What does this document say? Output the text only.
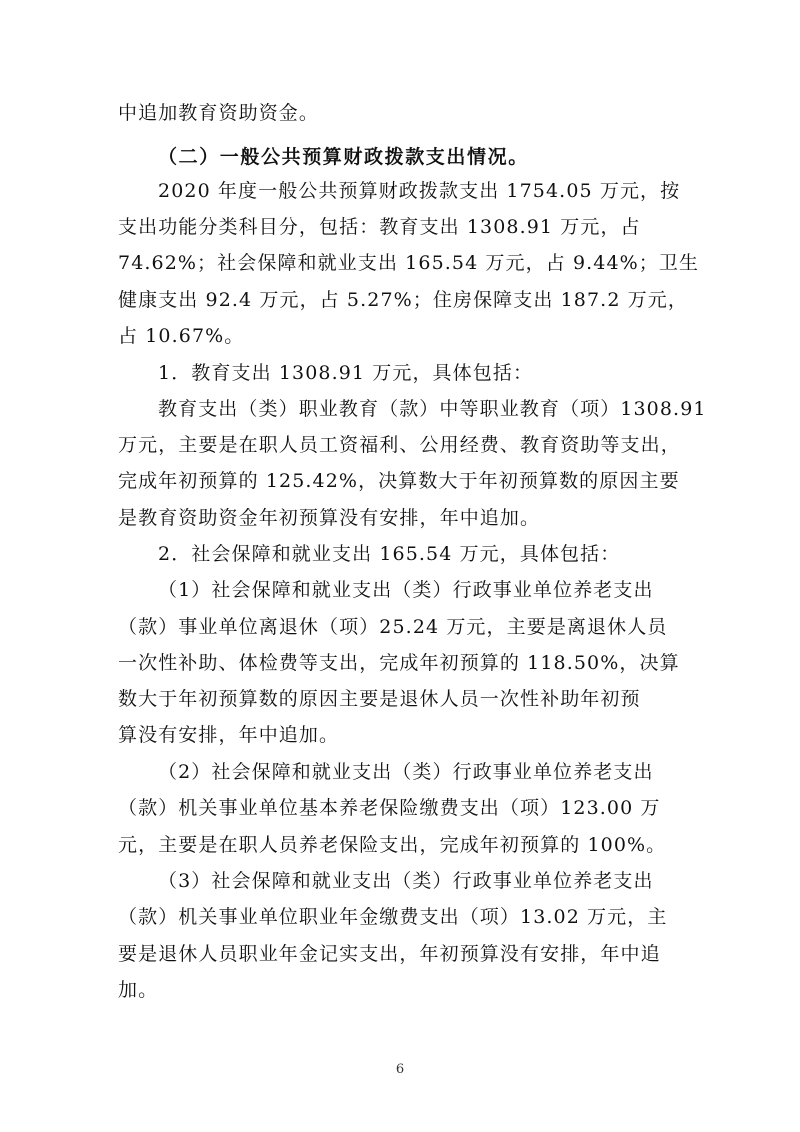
中追加教育资助资金。
（二）一般公共预算财政拨款支出情况。
2020 年度一般公共预算财政拨款支出 1754.05 万元，按
支出功能分类科目分，包括：教育支出 1308.91 万元，占
74.62%；社会保障和就业支出 165.54 万元，占 9.44%；卫生
健康支出 92.4 万元，占 5.27%；住房保障支出 187.2 万元，
占 10.67%。
1．教育支出 1308.91 万元，具体包括：
教育支出（类）职业教育（款）中等职业教育（项）1308.91
万元，主要是在职人员工资福利、公用经费、教育资助等支出，
完成年初预算的 125.42%，决算数大于年初预算数的原因主要
是教育资助资金年初预算没有安排，年中追加。
2．社会保障和就业支出 165.54 万元，具体包括：
（1）社会保障和就业支出（类）行政事业单位养老支出
（款）事业单位离退休（项）25.24 万元，主要是离退休人员
一次性补助、体检费等支出，完成年初预算的 118.50%，决算
数大于年初预算数的原因主要是退休人员一次性补助年初预
算没有安排，年中追加。
（2）社会保障和就业支出（类）行政事业单位养老支出
（款）机关事业单位基本养老保险缴费支出（项）123.00 万
元，主要是在职人员养老保险支出，完成年初预算的 100%。
（3）社会保障和就业支出（类）行政事业单位养老支出
（款）机关事业单位职业年金缴费支出（项）13.02 万元，主
要是退休人员职业年金记实支出，年初预算没有安排，年中追
加。
6
